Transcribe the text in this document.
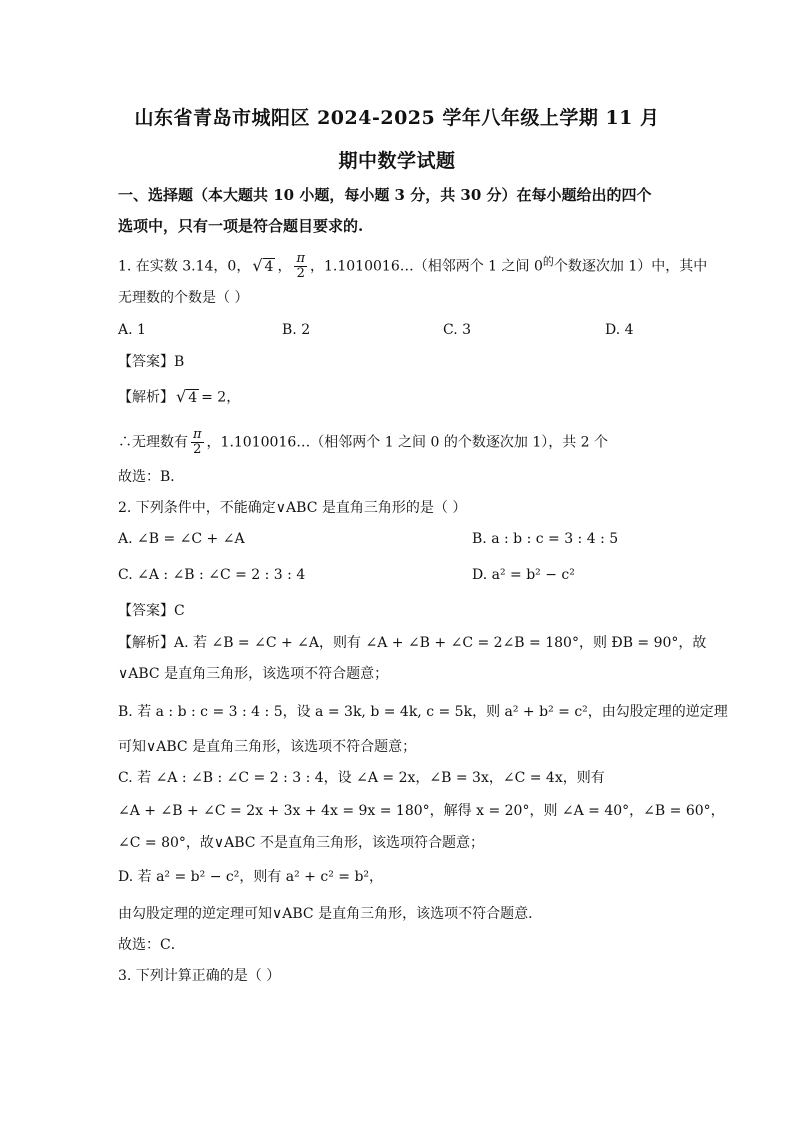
山东省青岛市城阳区 2024-2025 学年八年级上学期 11 月
期中数学试题
一、选择题（本大题共 10 小题，每小题 3 分，共 30 分）在每小题给出的四个
选项中，只有一项是符合题目要求的.
1. 在实数 3.14，0， √ 4 ， $\frac{\pi}{2}$ ，1.1010016…（相邻两个 1 之间 $0^的$个数逐次加 1）中，其中
无理数的个数是（ ）
A. 1	B. 2	C. 3	D. 4
【答案】B
【解析】 √ 4 = 2，
∴无理数有 $\frac{\pi}{2}$ ，1.1010016…（相邻两个 1 之间 0 的个数逐次加 1），共 2 个
故选：B．
2. 下列条件中，不能确定∨ABC 是直角三角形的是（ ）
A. ∠B = ∠C + ∠A	B. a : b : c = 3 : 4 : 5
C. ∠A : ∠B : ∠C = 2 : 3 : 4	D. a² = b² − c²
【答案】C
【解析】A. 若 ∠B = ∠C + ∠A，则有 ∠A + ∠B + ∠C = 2∠B = 180°，则 ÐB = 90°，故
∨ABC 是直角三角形，该选项不符合题意；
B. 若 a : b : c = 3 : 4 : 5，设 a = 3k, b = 4k, c = 5k，则 a² + b² = c²，由勾股定理的逆定理
可知∨ABC 是直角三角形，该选项不符合题意；
C. 若 ∠A : ∠B : ∠C = 2 : 3 : 4，设 ∠A = 2x，∠B = 3x，∠C = 4x，则有
∠A + ∠B + ∠C = 2x + 3x + 4x = 9x = 180°，解得 x = 20°，则 ∠A = 40°，∠B = 60°，
∠C = 80°，故∨ABC 不是直角三角形，该选项符合题意；
D. 若 a² = b² − c²，则有 a² + c² = b²，
由勾股定理的逆定理可知∨ABC 是直角三角形，该选项不符合题意．
故选：C．
3. 下列计算正确的是（ ）
